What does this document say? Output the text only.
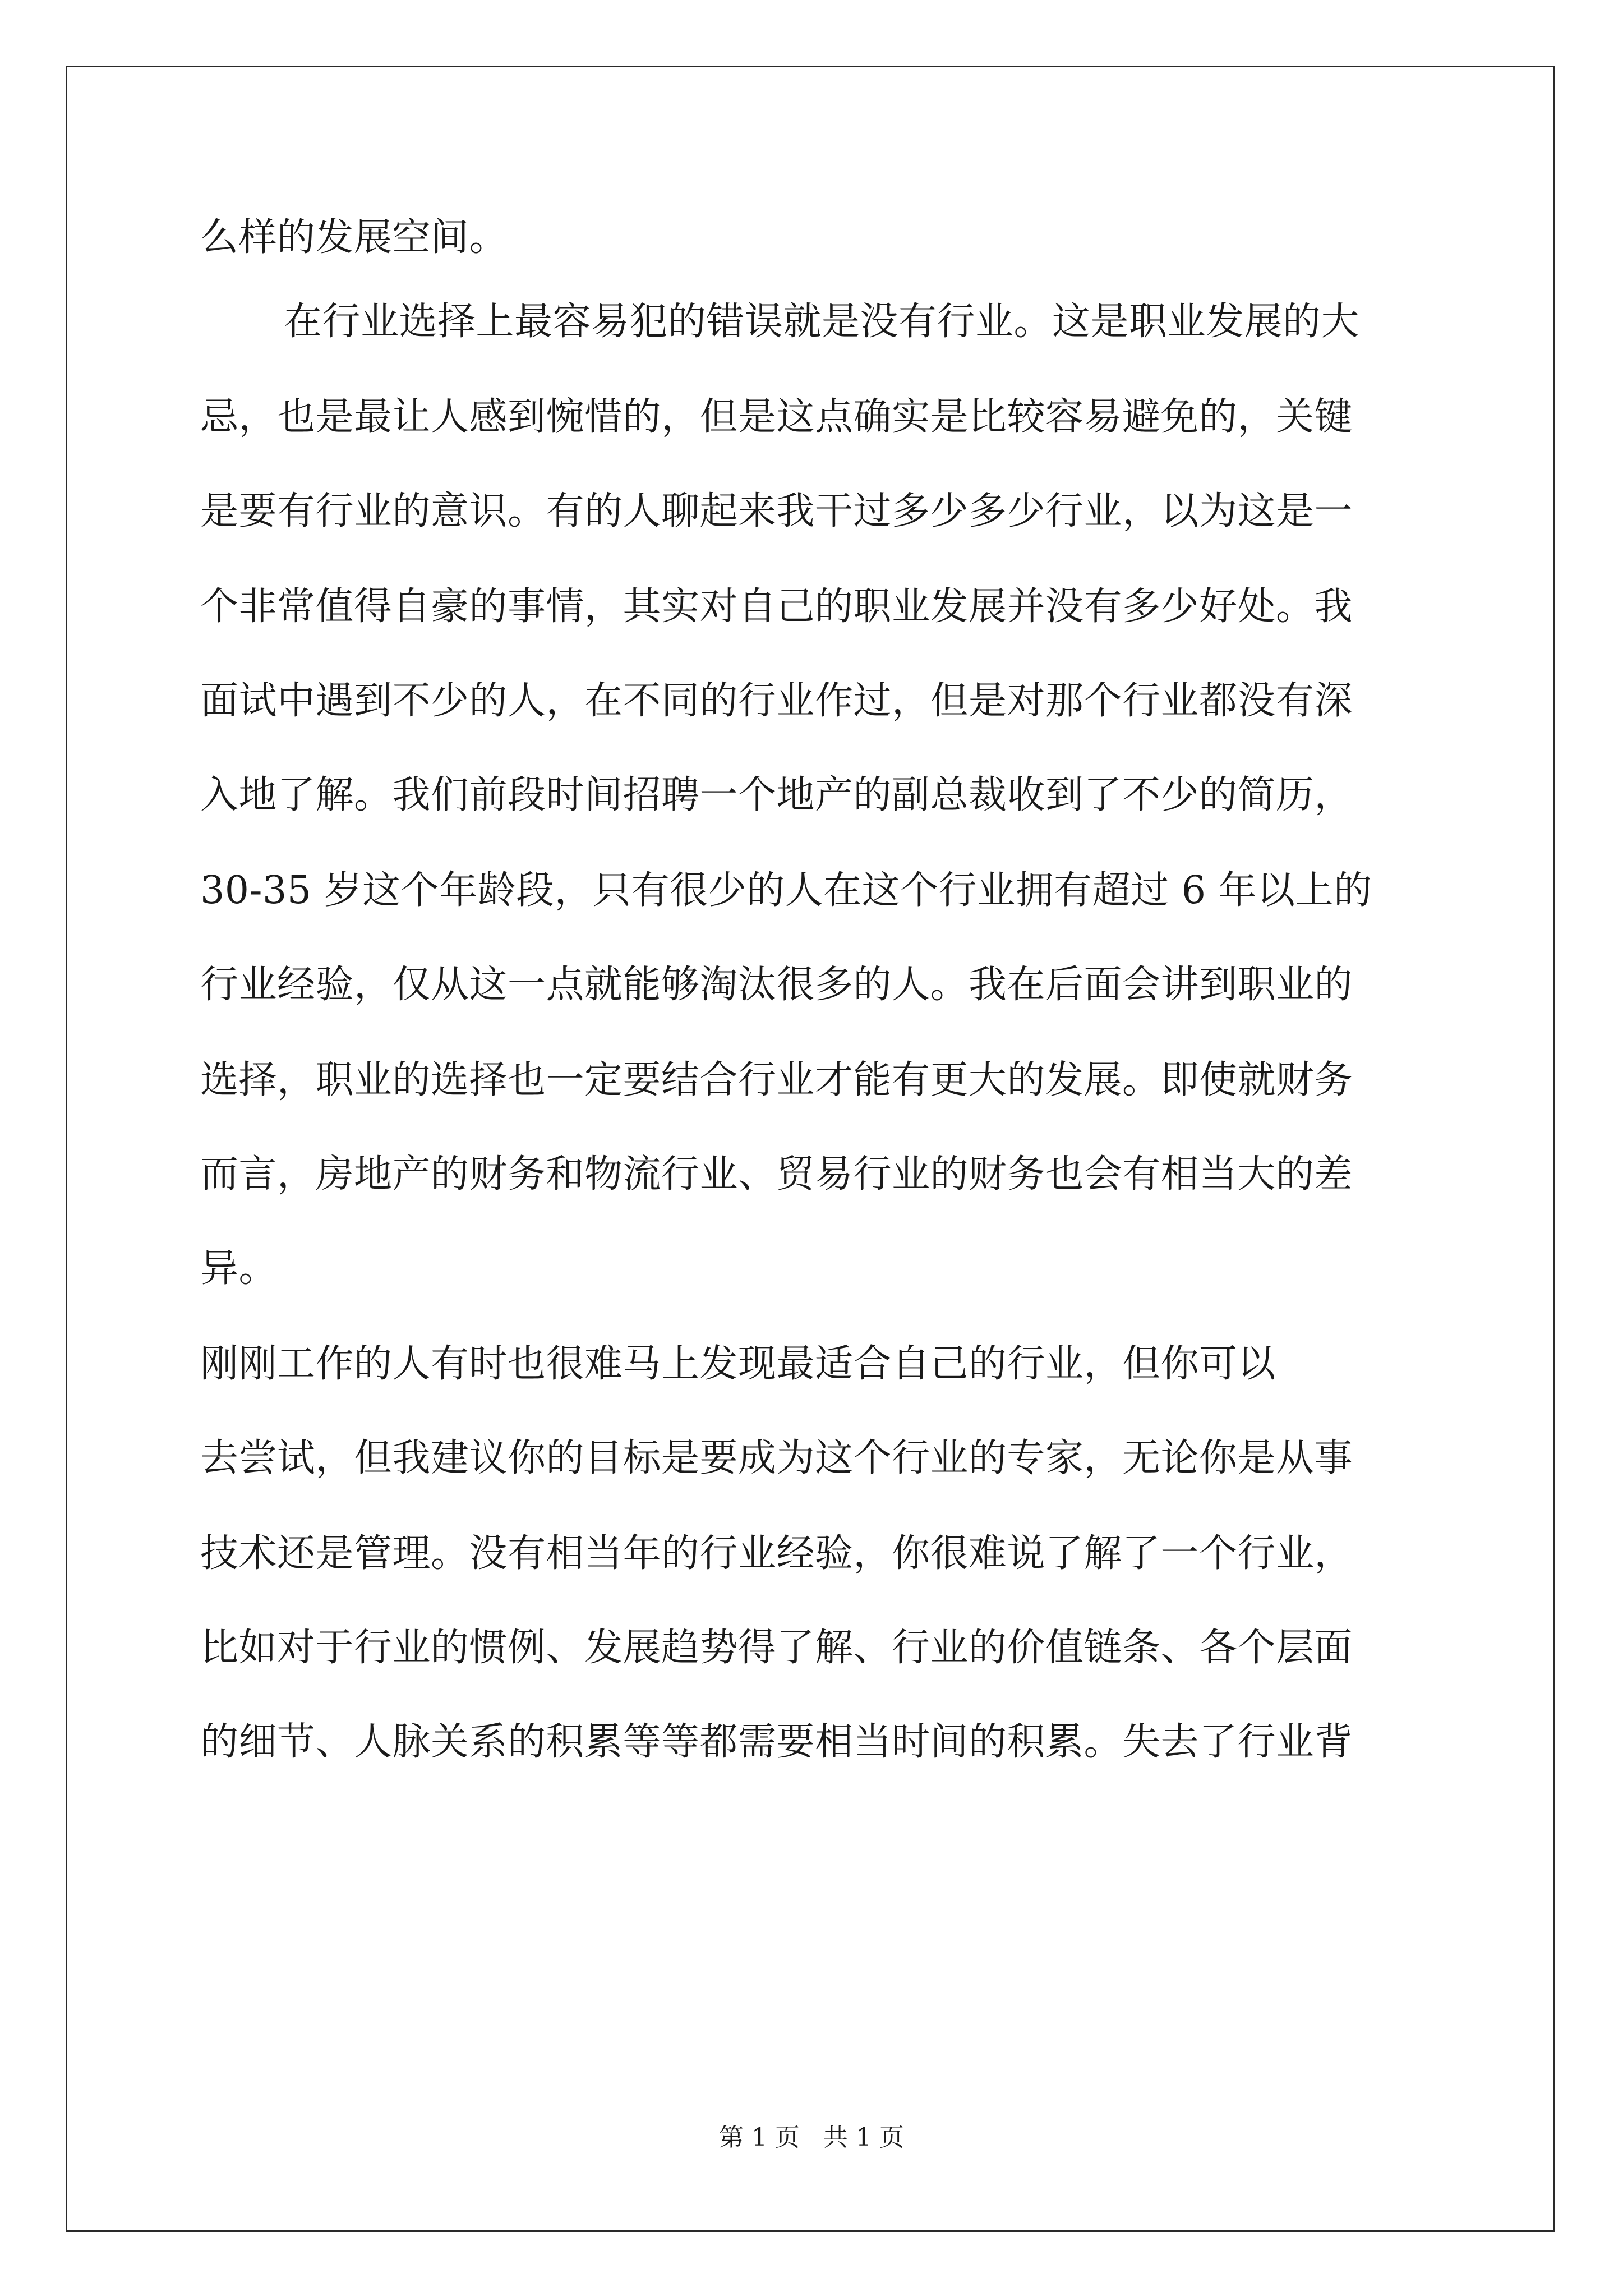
么样的发展空间。
在行业选择上最容易犯的错误就是没有行业。这是职业发展的大
忌，也是最让人感到惋惜的，但是这点确实是比较容易避免的，关键
是要有行业的意识。有的人聊起来我干过多少多少行业，以为这是一
个非常值得自豪的事情，其实对自己的职业发展并没有多少好处。我
面试中遇到不少的人，在不同的行业作过，但是对那个行业都没有深
入地了解。我们前段时间招聘一个地产的副总裁收到了不少的简历，
30-35 岁这个年龄段，只有很少的人在这个行业拥有超过 6 年以上的
行业经验，仅从这一点就能够淘汰很多的人。我在后面会讲到职业的
选择，职业的选择也一定要结合行业才能有更大的发展。即使就财务
而言，房地产的财务和物流行业、贸易行业的财务也会有相当大的差
异。
刚刚工作的人有时也很难马上发现最适合自己的行业，但你可以
去尝试，但我建议你的目标是要成为这个行业的专家，无论你是从事
技术还是管理。没有相当年的行业经验，你很难说了解了一个行业，
比如对于行业的惯例、发展趋势得了解、行业的价值链条、各个层面
的细节、人脉关系的积累等等都需要相当时间的积累。失去了行业背
第 1 页   共 1 页
